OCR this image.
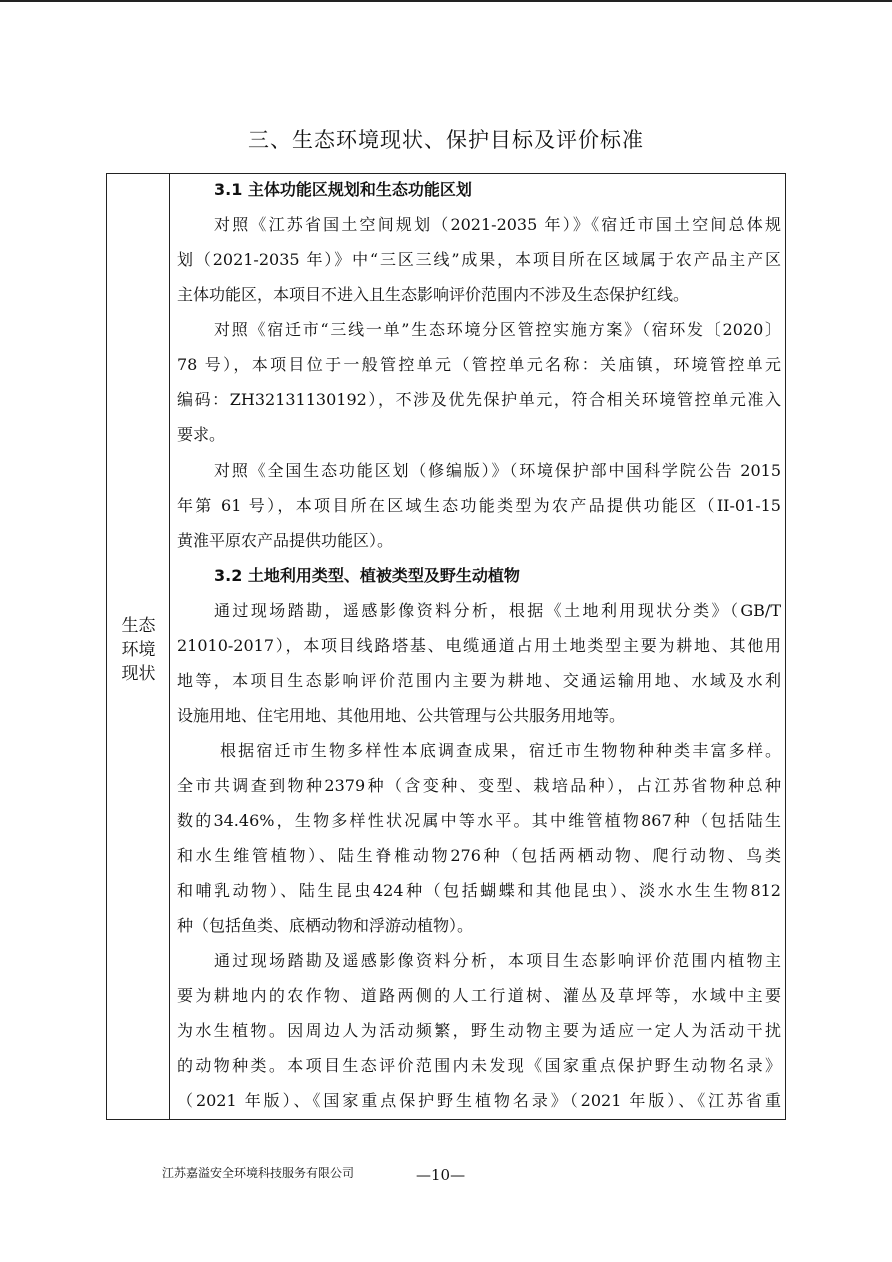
三、生态环境现状、保护目标及评价标准
生态
环境
现状
3.1 主体功能区规划和生态功能区划
对照《江苏省国土空间规划（2021-2035 年）》《宿迁市国土空间总体规
划（2021-2035 年）》中“三区三线”成果，本项目所在区域属于农产品主产区
主体功能区，本项目不进入且生态影响评价范围内不涉及生态保护红线。
对照《宿迁市“三线一单”生态环境分区管控实施方案》（宿环发〔2020〕
78 号），本项目位于一般管控单元（管控单元名称：关庙镇，环境管控单元
编码：ZH32131130192），不涉及优先保护单元，符合相关环境管控单元准入
要求。
对照《全国生态功能区划（修编版）》（环境保护部中国科学院公告 2015
年第 61 号），本项目所在区域生态功能类型为农产品提供功能区（II-01-15
黄淮平原农产品提供功能区）。
3.2 土地利用类型、植被类型及野生动植物
通过现场踏勘，遥感影像资料分析，根据《土地利用现状分类》（GB/T
21010-2017），本项目线路塔基、电缆通道占用土地类型主要为耕地、其他用
地等，本项目生态影响评价范围内主要为耕地、交通运输用地、水域及水利
设施用地、住宅用地、其他用地、公共管理与公共服务用地等。
根据宿迁市生物多样性本底调查成果，宿迁市生物物种种类丰富多样。
全市共调查到物种2379种（含变种、变型、栽培品种），占江苏省物种总种
数的34.46%，生物多样性状况属中等水平。其中维管植物867种（包括陆生
和水生维管植物）、陆生脊椎动物276种（包括两栖动物、爬行动物、鸟类
和哺乳动物）、陆生昆虫424种（包括蝴蝶和其他昆虫）、淡水水生生物812
种（包括鱼类、底栖动物和浮游动植物）。
通过现场踏勘及遥感影像资料分析，本项目生态影响评价范围内植物主
要为耕地内的农作物、道路两侧的人工行道树、灌丛及草坪等，水域中主要
为水生植物。因周边人为活动频繁，野生动物主要为适应一定人为活动干扰
的动物种类。本项目生态评价范围内未发现《国家重点保护野生动物名录》
（2021 年版）、《国家重点保护野生植物名录》（2021 年版）、《江苏省重
江苏嘉溢安全环境科技服务有限公司	—10—
